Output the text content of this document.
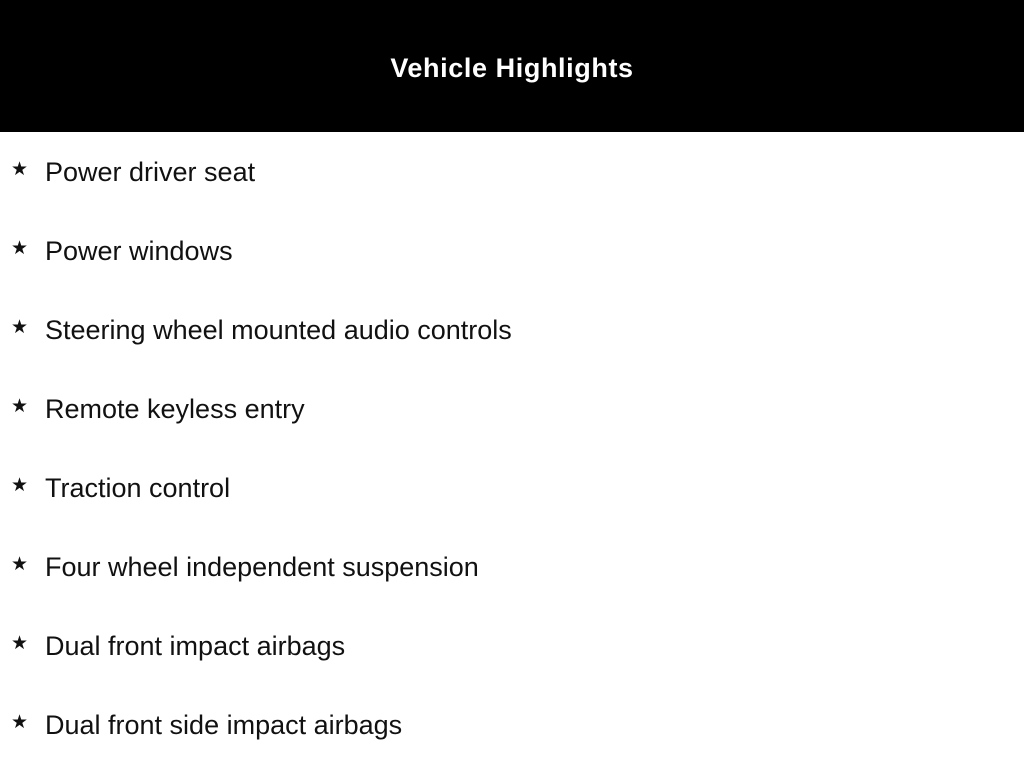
Vehicle Highlights
★ Power driver seat
★ Power windows
★ Steering wheel mounted audio controls
★ Remote keyless entry
★ Traction control
★ Four wheel independent suspension
★ Dual front impact airbags
★ Dual front side impact airbags
